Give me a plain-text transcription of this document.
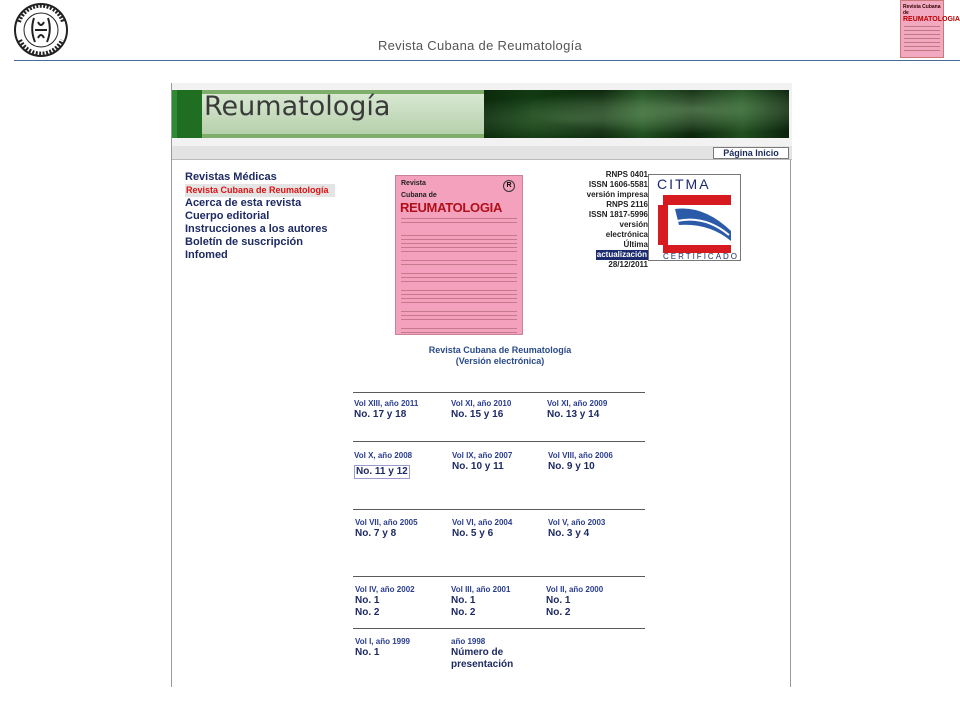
Revista Cubana de Reumatología
Revista Cubana de
REUMATOLOGIA
Reumatología
Página Inicio
Revistas Médicas
Revista Cubana de Reumatología
Acerca de esta revista
Cuerpo editorial
Instrucciones a los autores
Boletín de suscripción
Infomed
R
Revista
Cubana de
REUMATOLOGIA
RNPS 0401
ISSN 1606-5581
versión impresa
RNPS 2116
ISSN 1817-5996
versión
electrónica
Última
actualización
28/12/2011
CITMA
CERTIFICADO
Revista Cubana de Reumatología
(Versión electrónica)
Vol XIII, año 2011
No. 17 y 18
Vol XI, año 2010
No. 15 y 16
Vol XI, año 2009
No. 13 y 14
Vol X, año 2008
No. 11 y 12
Vol IX, año 2007
No. 10 y 11
Vol VIII, año 2006
No. 9 y 10
Vol VII, año 2005
No. 7 y 8
Vol VI, año 2004
No. 5 y 6
Vol V, año 2003
No. 3 y 4
Vol IV, año 2002
No. 1
No. 2
Vol III, año 2001
No. 1
No. 2
Vol II, año 2000
No. 1
No. 2
Vol I, año 1999
No. 1
año 1998
Número de
presentación
